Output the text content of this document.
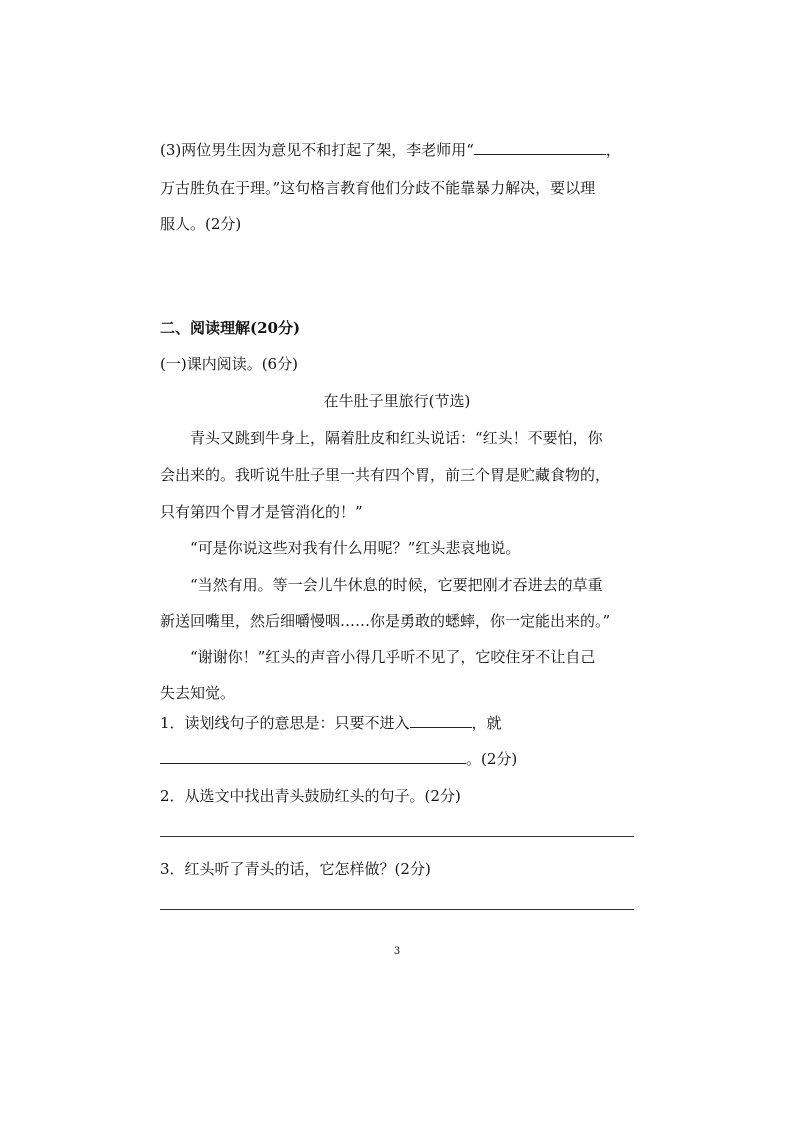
(3)两位男生因为意见不和打起了架，李老师用“	，
万古胜负在于理。”这句格言教育他们分歧不能靠暴力解决，要以理
服人。(2分)
二、阅读理解(20分)
(一)课内阅读。(6分)
在牛肚子里旅行(节选)
青头又跳到牛身上，隔着肚皮和红头说话：“红头！不要怕，你
会出来的。我听说牛肚子里一共有四个胃，前三个胃是贮藏食物的，
只有第四个胃才是管消化的！”
“可是你说这些对我有什么用呢？”红头悲哀地说。
“当然有用。等一会儿牛休息的时候，它要把刚才吞进去的草重
新送回嘴里，然后细嚼慢咽……你是勇敢的蟋蟀，你一定能出来的。”
“谢谢你！”红头的声音小得几乎听不见了，它咬住牙不让自己
失去知觉。
1．读划线句子的意思是：只要不进入	，就
。(2分)
2．从选文中找出青头鼓励红头的句子。(2分)
3．红头听了青头的话，它怎样做？(2分)
3
